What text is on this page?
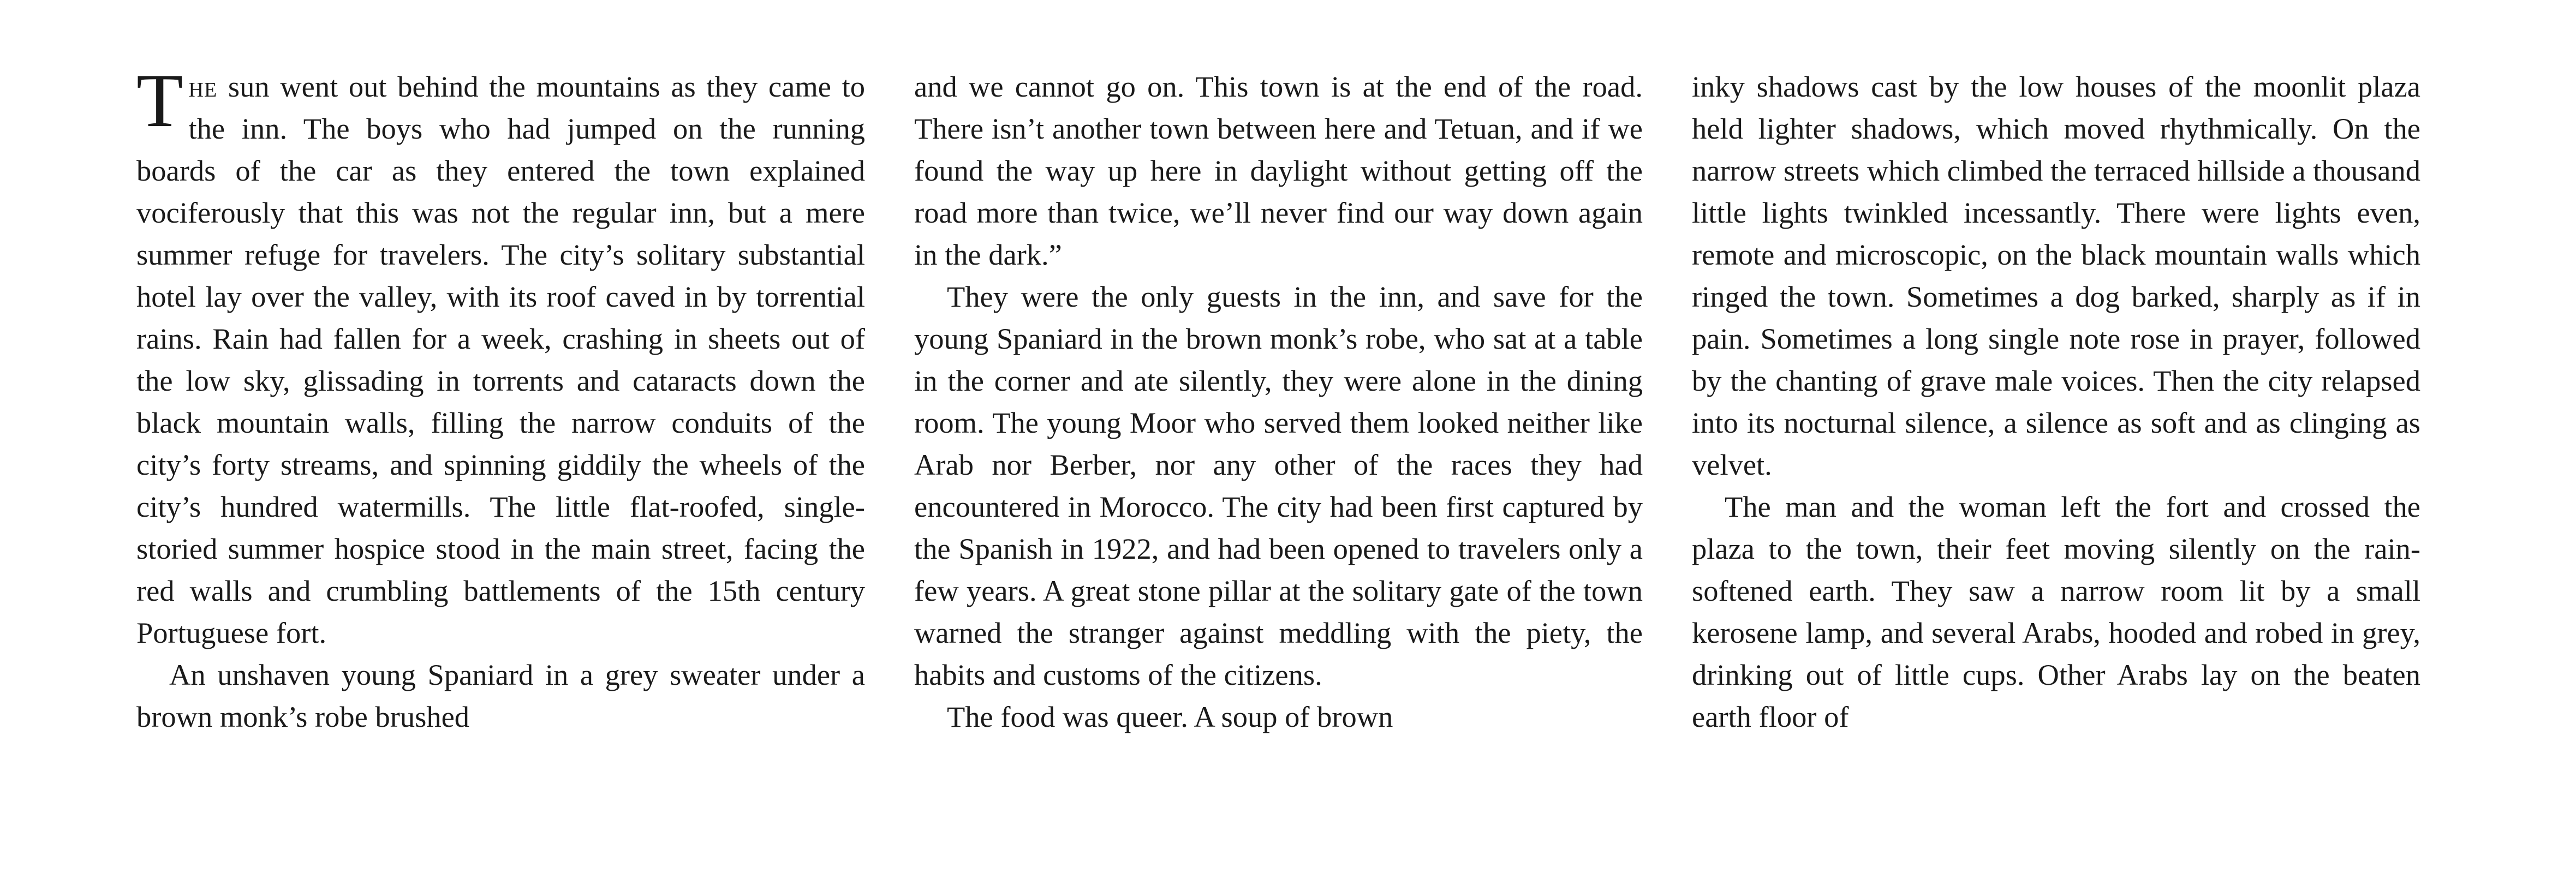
The sun went out behind the mountains as they came to the inn. The boys who had jumped on the running boards of the car as they entered the town explained vociferously that this was not the regular inn, but a mere summer refuge for travelers. The city’s solitary substantial hotel lay over the valley, with its roof caved in by torrential rains. Rain had fallen for a week, crashing in sheets out of the low sky, glissading in torrents and cataracts down the black mountain walls, filling the narrow conduits of the city’s forty streams, and spinning giddily the wheels of the city’s hundred watermills. The little flat-roofed, single-storied summer hospice stood in the main street, facing the red walls and crumbling battlements of the 15th century Portuguese fort.

An unshaven young Spaniard in a grey sweater under a brown monk’s robe brushed

and we cannot go on. This town is at the end of the road. There isn’t another town between here and Tetuan, and if we found the way up here in daylight without getting off the road more than twice, we’ll never find our way down again in the dark.”

They were the only guests in the inn, and save for the young Spaniard in the brown monk’s robe, who sat at a table in the corner and ate silently, they were alone in the dining room. The young Moor who served them looked neither like Arab nor Berber, nor any other of the races they had encountered in Morocco. The city had been first captured by the Spanish in 1922, and had been opened to travelers only a few years. A great stone pillar at the solitary gate of the town warned the stranger against meddling with the piety, the habits and customs of the citizens.

The food was queer. A soup of brown

inky shadows cast by the low houses of the moonlit plaza held lighter shadows, which moved rhythmically. On the narrow streets which climbed the terraced hillside a thousand little lights twinkled incessantly. There were lights even, remote and microscopic, on the black mountain walls which ringed the town. Sometimes a dog barked, sharply as if in pain. Sometimes a long single note rose in prayer, followed by the chanting of grave male voices. Then the city relapsed into its nocturnal silence, a silence as soft and as clinging as velvet.

The man and the woman left the fort and crossed the plaza to the town, their feet moving silently on the rain-softened earth. They saw a narrow room lit by a small kerosene lamp, and several Arabs, hooded and robed in grey, drinking out of little cups. Other Arabs lay on the beaten earth floor of
